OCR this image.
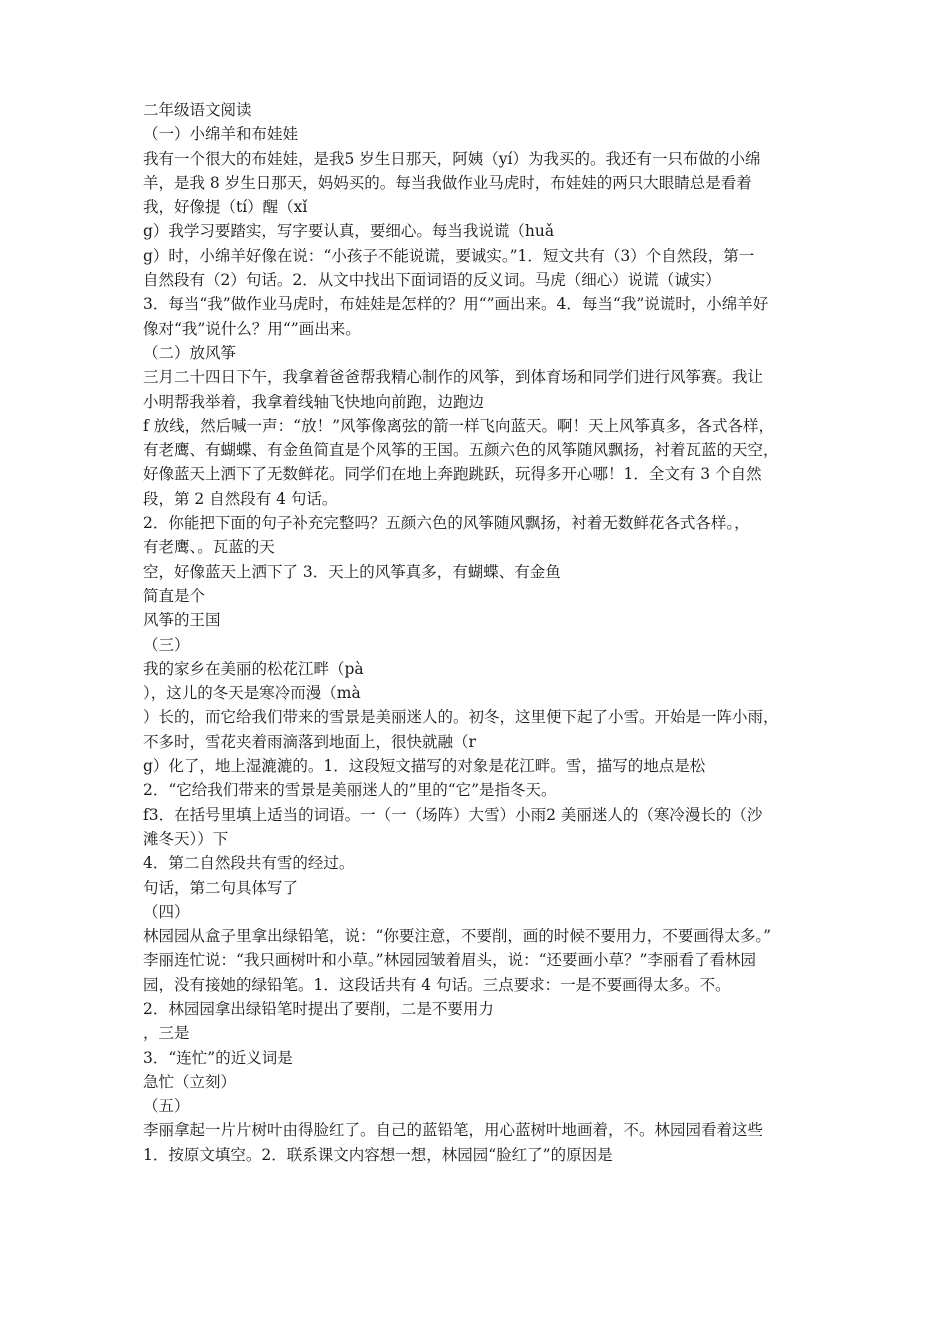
二年级语文阅读
（一）小绵羊和布娃娃
我有一个很大的布娃娃，是我5 岁生日那天，阿姨（yí）为我买的。我还有一只布做的小绵
羊，是我 8 岁生日那天，妈妈买的。每当我做作业马虎时，布娃娃的两只大眼睛总是看着
我，好像提（tí）醒（xǐ
g）我学习要踏实，写字要认真，要细心。每当我说谎（huǎ
g）时，小绵羊好像在说：“小孩子不能说谎，要诚实。”1．短文共有（3）个自然段，第一
自然段有（2）句话。2．从文中找出下面词语的反义词。马虎（细心）说谎（诚实）
3．每当“我”做作业马虎时，布娃娃是怎样的？用“”画出来。4．每当“我”说谎时，小绵羊好
像对“我”说什么？用“”画出来。
（二）放风筝
三月二十四日下午，我拿着爸爸帮我精心制作的风筝，到体育场和同学们进行风筝赛。我让
小明帮我举着，我拿着线轴飞快地向前跑，边跑边
f 放线，然后喊一声：“放！”风筝像离弦的箭一样飞向蓝天。啊！天上风筝真多，各式各样，
有老鹰、有蝴蝶、有金鱼简直是个风筝的王国。五颜六色的风筝随风飘扬，衬着瓦蓝的天空，
好像蓝天上洒下了无数鲜花。同学们在地上奔跑跳跃，玩得多开心哪！1．全文有 3 个自然
段，第 2 自然段有 4 句话。
2．你能把下面的句子补充完整吗？五颜六色的风筝随风飘扬，衬着无数鲜花各式各样。，
有老鹰、。瓦蓝的天
空，好像蓝天上洒下了 3．天上的风筝真多，有蝴蝶、有金鱼
简直是个
风筝的王国
（三）
我的家乡在美丽的松花江畔（pà
），这儿的冬天是寒冷而漫（mà
）长的，而它给我们带来的雪景是美丽迷人的。初冬，这里便下起了小雪。开始是一阵小雨，
不多时，雪花夹着雨滴落到地面上，很快就融（r
g）化了，地上湿漉漉的。1．这段短文描写的对象是花江畔。雪，描写的地点是松
2．“它给我们带来的雪景是美丽迷人的”里的“它”是指冬天。
f3．在括号里填上适当的词语。一（一（场阵）大雪）小雨2 美丽迷人的（寒冷漫长的（沙
滩冬天））下
4．第二自然段共有雪的经过。
句话，第二句具体写了
（四）
林园园从盒子里拿出绿铅笔，说：“你要注意，不要削，画的时候不要用力，不要画得太多。”
李丽连忙说：“我只画树叶和小草。”林园园皱着眉头，说：“还要画小草？”李丽看了看林园
园，没有接她的绿铅笔。1．这段话共有 4 句话。三点要求：一是不要画得太多。不。
2．林园园拿出绿铅笔时提出了要削，二是不要用力
，三是
3．“连忙”的近义词是
急忙（立刻）
（五）
李丽拿起一片片树叶由得脸红了。自己的蓝铅笔，用心蓝树叶地画着，不。林园园看着这些
1．按原文填空。2．联系课文内容想一想，林园园“脸红了”的原因是
